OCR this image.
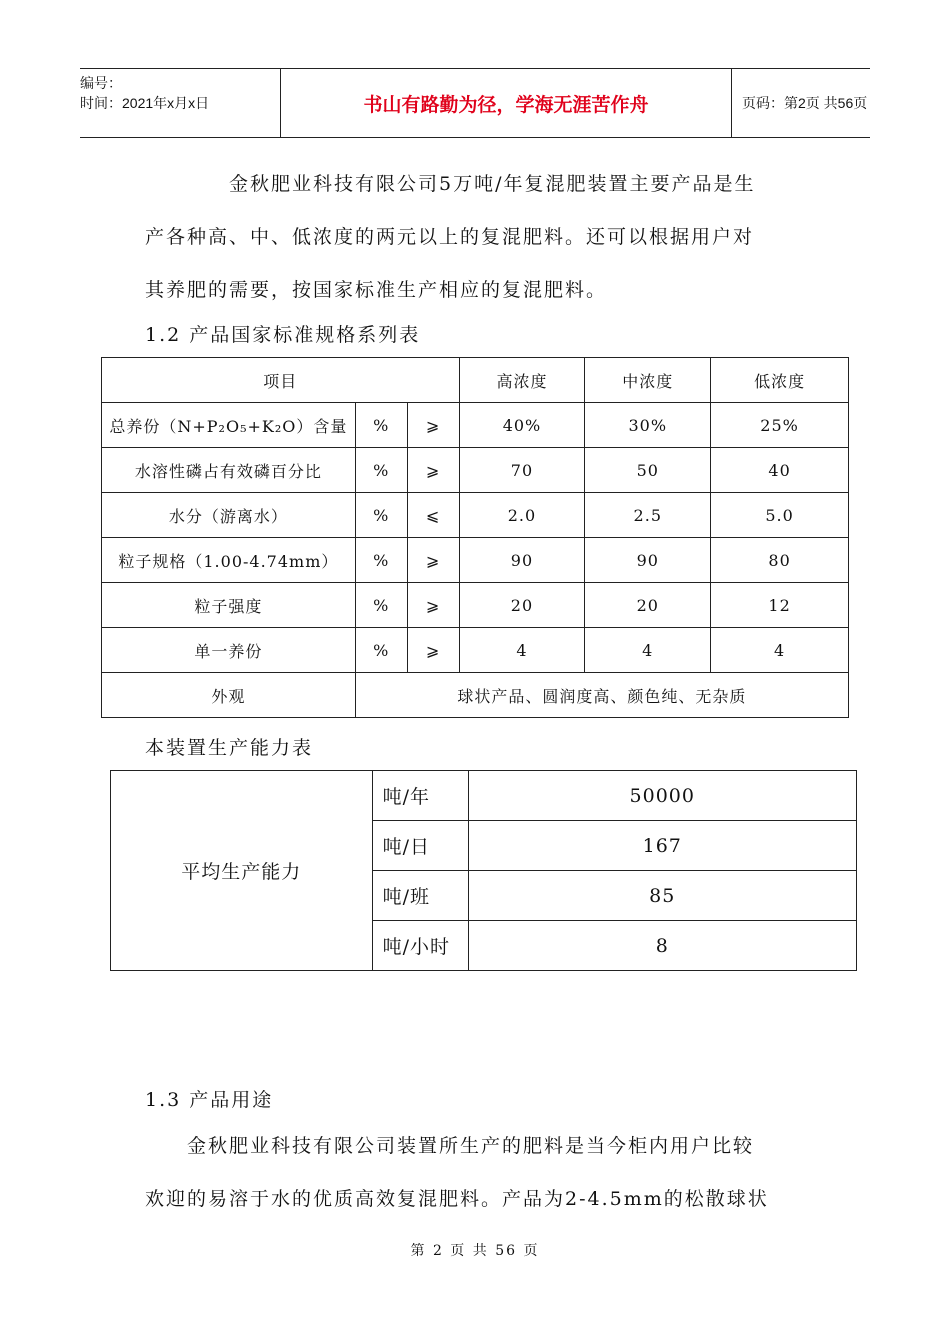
编号：
时间：2021年x月x日	书山有路勤为径，学海无涯苦作舟	页码：第2页 共56页

金秋肥业科技有限公司5万吨/年复混肥装置主要产品是生

产各种高、中、低浓度的两元以上的复混肥料。还可以根据用户对

其养肥的需要，按国家标准生产相应的复混肥料。

1.2 产品国家标准规格系列表
项目			高浓度	中浓度	低浓度
总养份（N+P₂O₅+K₂O）含量	%	⩾	40%	30%	25%
水溶性磷占有效磷百分比	%	⩾	70	50	40
水分（游离水）	%	⩽	2.0	2.5	5.0
粒子规格（1.00-4.74mm）	%	⩾	90	90	80
粒子强度	%	⩾	20	20	12
单一养份	%	⩾	4	4	4
外观	球状产品、圆润度高、颜色纯、无杂质				
本装置生产能力表
平均生产能力	吨/年	50000
	吨/日	167
	吨/班	85
	吨/小时	8
1.3 产品用途

金秋肥业科技有限公司装置所生产的肥料是当今柜内用户比较

欢迎的易溶于水的优质高效复混肥料。产品为2-4.5mm的松散球状

第 2 页 共 56 页
